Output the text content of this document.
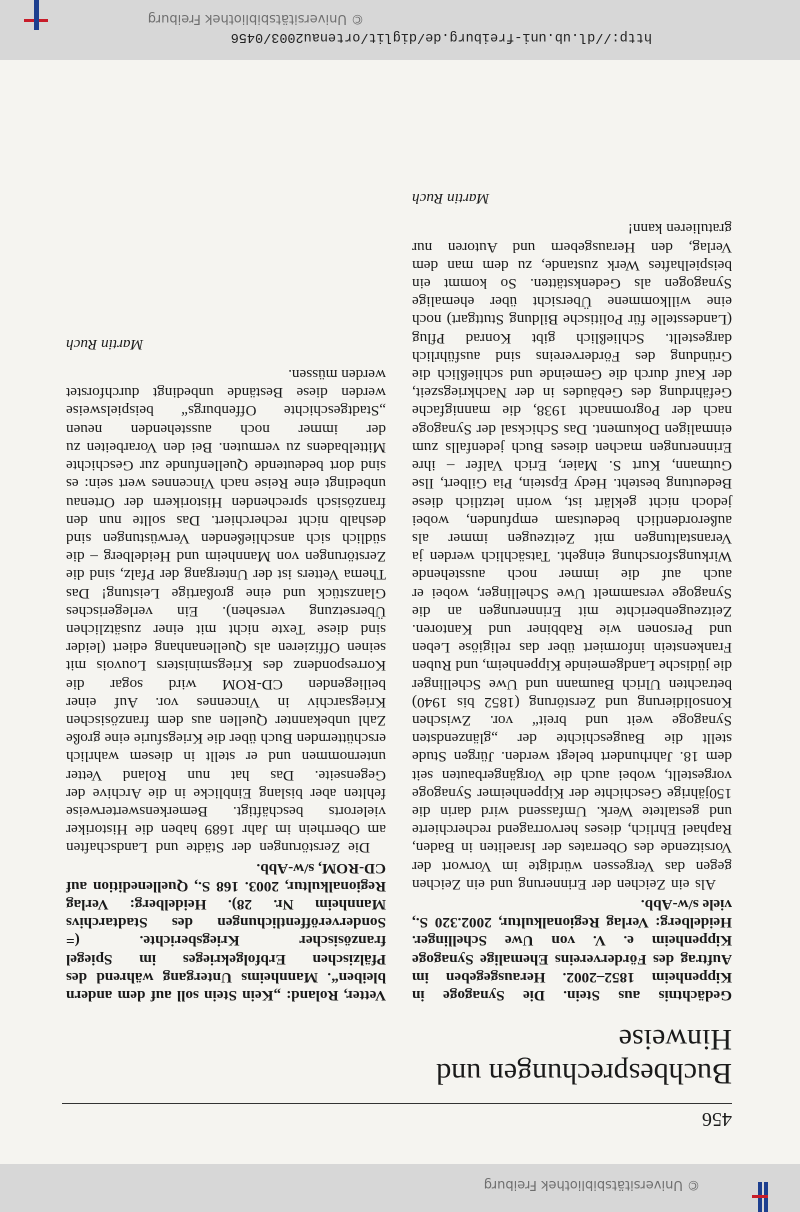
© Universitätsbibliothek Freiburg
456
Buchbesprechungen und Hinweise

Gedächtnis aus Stein. Die Synagoge in Kippenheim 1852–2002. Herausgegeben im Auftrag des Fördervereins Ehemalige Synagoge Kippenheim e. V. von Uwe Schellinger. Heidelberg: Verlag Regionalkultur, 2002.320 S., viele s/w-Abb.

Als ein Zeichen der Erinnerung und ein Zeichen gegen das Vergessen würdigte im Vorwort der Vorsitzende des Oberrates der Israeliten in Baden, Raphael Ehrlich, dieses hervorragend recherchierte und gestaltete Werk. Umfassend wird darin die 150jährige Geschichte der Kippenheimer Synagoge vorgestellt, wobei auch die Vorgängerbauten seit dem 18. Jahrhundert belegt werden. Jürgen Stude stellt die Baugeschichte der „glänzendsten Synagoge weit und breit“ vor. Zwischen Konsolidierung und Zerstörung (1852 bis 1940) betrachten Ulrich Baumann und Uwe Schellinger die jüdische Landgemeinde Kippenheim, und Ruben Frankenstein informiert über das religiöse Leben und Personen wie Rabbiner und Kantoren. Zeitzeugenberichte mit Erinnerungen an die Synagoge versammelt Uwe Schellinger, wobei er auch auf die immer noch ausstehende Wirkungsforschung eingeht. Tatsächlich werden ja Veranstaltungen mit Zeitzeugen immer als außerordentlich bedeutsam empfunden, wobei jedoch nicht geklärt ist, worin letztlich diese Bedeutung besteht. Hedy Epstein, Pia Gilbert, Ilse Gutmann, Kurt S. Maier, Erich Valfer – ihre Erinnerungen machen dieses Buch jedenfalls zum einmaligen Dokument. Das Schicksal der Synagoge nach der Pogromnacht 1938, die mannigfache Gefährdung des Gebäudes in der Nachkriegszeit, der Kauf durch die Gemeinde und schließlich die Gründung des Fördervereins sind ausführlich dargestellt. Schließlich gibt Konrad Pflug (Landesstelle für Politische Bildung Stuttgart) noch eine willkommene Übersicht über ehemalige Synagogen als Gedenkstätten. So kommt ein beispielhaftes Werk zustande, zu dem man dem Verlag, den Herausgebern und Autoren nur gratulieren kann!

Martin Ruch

Vetter, Roland: „Kein Stein soll auf dem andern bleiben“. Mannheims Untergang während des Pfälzischen Erbfolgekrieges im Spiegel französischer Kriegsberichte. (= Sonderveröffentlichungen des Stadtarchivs Mannheim Nr. 28). Heidelberg: Verlag Regionalkultur, 2003. 168 S., Quellenedition auf CD-ROM, s/w-Abb.

Die Zerstörungen der Städte und Landschaften am Oberrhein im Jahr 1689 haben die Historiker vielerorts beschäftigt. Bemerkenswerterweise fehlten aber bislang Einblicke in die Archive der Gegenseite. Das hat nun Roland Vetter unternommen und er stellt in diesem wahrlich erschütternden Buch über die Kriegsfurie eine große Zahl unbekannter Quellen aus dem französischen Kriegsarchiv in Vincennes vor. Auf einer beiliegenden CD-ROM wird sogar die Korrespondenz des Kriegsministers Louvois mit seinen Offizieren als Quellenanhang ediert (leider sind diese Texte nicht mit einer zusätzlichen Übersetzung versehen). Ein verlegerisches Glanzstück und eine großartige Leistung! Das Thema Vetters ist der Untergang der Pfalz, sind die Zerstörungen von Mannheim und Heidelberg – die südlich sich anschließenden Verwüstungen sind deshalb nicht recherchiert. Das sollte nun den französisch sprechenden Historikern der Ortenau unbedingt eine Reise nach Vincennes wert sein: es sind dort bedeutende Quellenfunde zur Geschichte Mittelbadens zu vermuten. Bei den Vorarbeiten zu der immer noch ausstehenden neuen „Stadtgeschichte Offenburgs“ beispielsweise werden diese Bestände unbedingt durchforstet werden müssen.

Martin Ruch

http://dl.ub.uni-freiburg.de/diglit/ortenau2003/0456
© Universitätsbibliothek Freiburg
